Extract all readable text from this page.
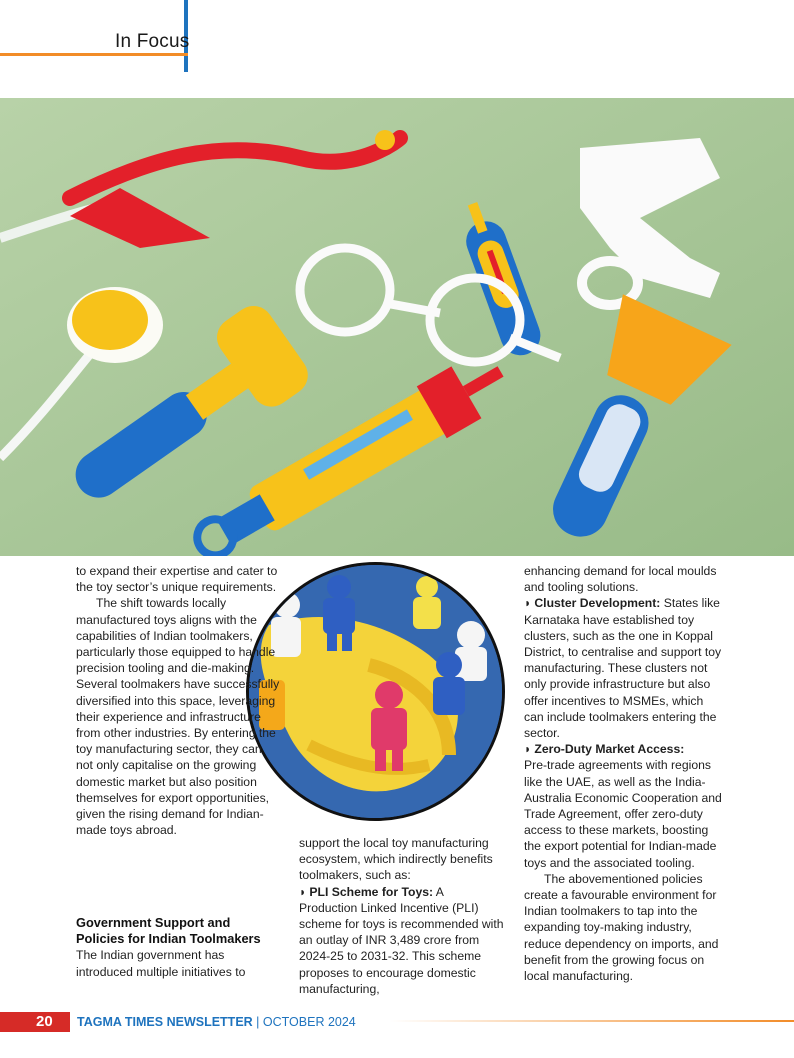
In Focus

to expand their expertise and cater to the toy sector’s unique requirements.

The shift towards locally manufactured toys aligns with the capabilities of Indian toolmakers, particularly those equipped to handle precision tooling and die-making. Several toolmakers have successfully diversified into this space, leveraging their experience and infrastructure from other industries. By entering the toy manufacturing sector, they can not only capitalise on the growing domestic market but also position themselves for export opportunities, given the rising demand for Indian-made toys abroad.

Government Support and Policies for Indian Toolmakers

The Indian government has introduced multiple initiatives to

support the local toy manufacturing ecosystem, which indirectly benefits toolmakers, such as:

◗ PLI Scheme for Toys: A Production Linked Incentive (PLI) scheme for toys is recommended with an outlay of INR 3,489 crore from 2024-25 to 2031-32. This scheme proposes to encourage domestic manufacturing,

enhancing demand for local moulds and tooling solutions.

◗ Cluster Development: States like Karnataka have established toy clusters, such as the one in Koppal District, to centralise and support toy manufacturing. These clusters not only provide infrastructure but also offer incentives to MSMEs, which can include toolmakers entering the sector.

◗ Zero-Duty Market Access:

Pre-trade agreements with regions like the UAE, as well as the India-Australia Economic Cooperation and Trade Agreement, offer zero-duty access to these markets, boosting the export potential for Indian-made toys and the associated tooling.

The abovementioned policies create a favourable environment for Indian toolmakers to tap into the expanding toy-making industry, reduce dependency on imports, and benefit from the growing focus on local manufacturing.

20 TAGMA TIMES NEWSLETTER | OCTOBER 2024
